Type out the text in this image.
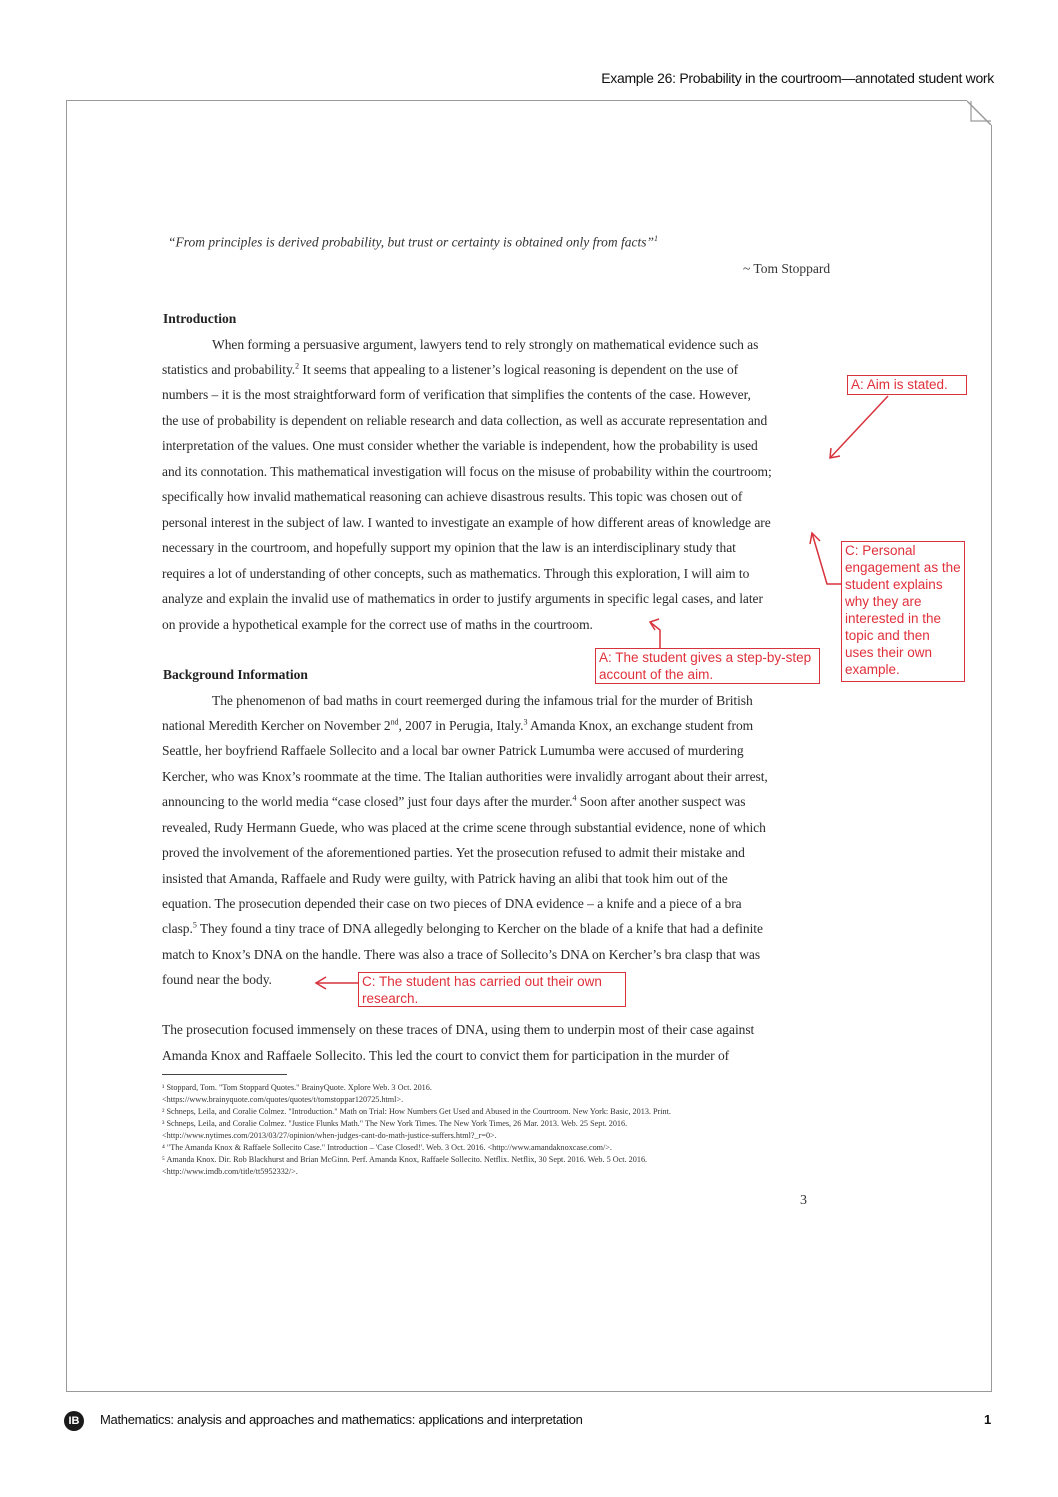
Example 26: Probability in the courtroom—annotated student work
“From principles is derived probability, but trust or certainty is obtained only from facts”$^1$
~ Tom Stoppard
Introduction
When forming a persuasive argument, lawyers tend to rely strongly on mathematical evidence such as
statistics and probability.$^2$ It seems that appealing to a listener’s logical reasoning is dependent on the use of
numbers – it is the most straightforward form of verification that simplifies the contents of the case. However,
the use of probability is dependent on reliable research and data collection, as well as accurate representation and
interpretation of the values. One must consider whether the variable is independent, how the probability is used
and its connotation. This mathematical investigation will focus on the misuse of probability within the courtroom;
specifically how invalid mathematical reasoning can achieve disastrous results. This topic was chosen out of
personal interest in the subject of law. I wanted to investigate an example of how different areas of knowledge are
necessary in the courtroom, and hopefully support my opinion that the law is an interdisciplinary study that
requires a lot of understanding of other concepts, such as mathematics. Through this exploration, I will aim to
analyze and explain the invalid use of mathematics in order to justify arguments in specific legal cases, and later
on provide a hypothetical example for the correct use of maths in the courtroom.
Background Information
The phenomenon of bad maths in court reemerged during the infamous trial for the murder of British
national Meredith Kercher on November 2nd, 2007 in Perugia, Italy.$^3$ Amanda Knox, an exchange student from
Seattle, her boyfriend Raffaele Sollecito and a local bar owner Patrick Lumumba were accused of murdering
Kercher, who was Knox’s roommate at the time. The Italian authorities were invalidly arrogant about their arrest,
announcing to the world media “case closed” just four days after the murder.$^4$ Soon after another suspect was
revealed, Rudy Hermann Guede, who was placed at the crime scene through substantial evidence, none of which
proved the involvement of the aforementioned parties. Yet the prosecution refused to admit their mistake and
insisted that Amanda, Raffaele and Rudy were guilty, with Patrick having an alibi that took him out of the
equation. The prosecution depended their case on two pieces of DNA evidence – a knife and a piece of a bra
clasp.$^5$ They found a tiny trace of DNA allegedly belonging to Kercher on the blade of a knife that had a definite
match to Knox’s DNA on the handle. There was also a trace of Sollecito’s DNA on Kercher’s bra clasp that was
found near the body.
The prosecution focused immensely on these traces of DNA, using them to underpin most of their case against
Amanda Knox and Raffaele Sollecito. This led the court to convict them for participation in the murder of
¹ Stoppard, Tom. "Tom Stoppard Quotes." BrainyQuote. Xplore Web. 3 Oct. 2016.
<https://www.brainyquote.com/quotes/quotes/t/tomstoppar120725.html>.
² Schneps, Leila, and Coralie Colmez. "Introduction." Math on Trial: How Numbers Get Used and Abused in the Courtroom. New York: Basic, 2013. Print.
³ Schneps, Leila, and Coralie Colmez. "Justice Flunks Math." The New York Times. The New York Times, 26 Mar. 2013. Web. 25 Sept. 2016.
<http://www.nytimes.com/2013/03/27/opinion/when-judges-cant-do-math-justice-suffers.html?_r=0>.
⁴ "The Amanda Knox & Raffaele Sollecito Case." Introduction – 'Case Closed!'. Web. 3 Oct. 2016. <http://www.amandaknoxcase.com/>.
⁵ Amanda Knox. Dir. Rob Blackhurst and Brian McGinn. Perf. Amanda Knox, Raffaele Sollecito. Netflix. Netflix, 30 Sept. 2016. Web. 5 Oct. 2016.
<http://www.imdb.com/title/tt5952332/>.
3
A: Aim is stated.
C: Personal engagement as the student explains why they are interested in the topic and then uses their own example.
A: The student gives a step-by-step account of the aim.
C: The student has carried out their own research.
IB	Mathematics: analysis and approaches and mathematics: applications and interpretation	1
